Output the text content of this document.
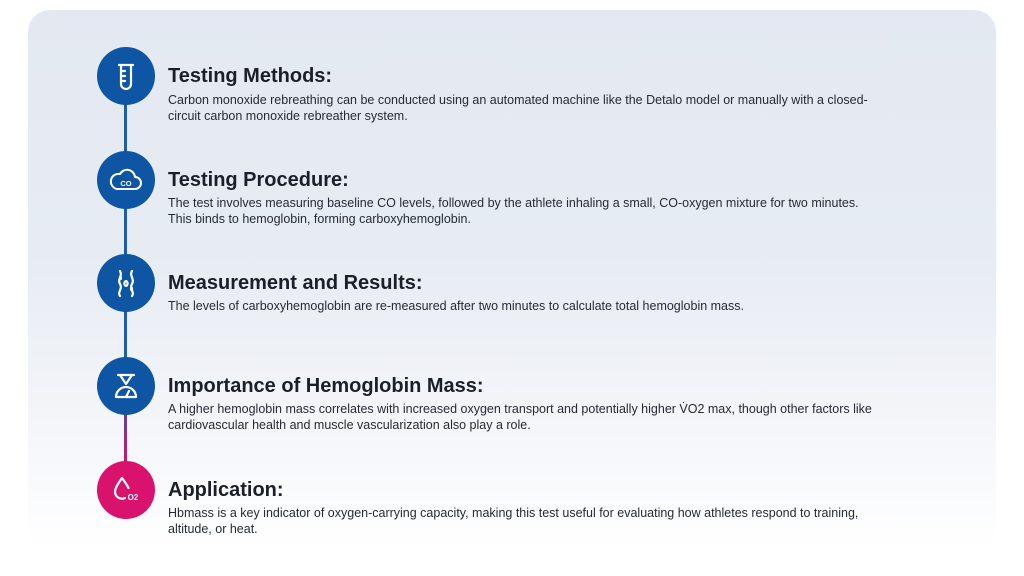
Testing Methods:

Carbon monoxide rebreathing can be conducted using an automated machine like the Detalo model or manually with a closed-circuit carbon monoxide rebreather system.

CO Testing Procedure:

The test involves measuring baseline CO levels, followed by the athlete inhaling a small, CO-oxygen mixture for two minutes. This binds to hemoglobin, forming carboxyhemoglobin.

Measurement and Results:

The levels of carboxyhemoglobin are re-measured after two minutes to calculate total hemoglobin mass.

Importance of Hemoglobin Mass:

A higher hemoglobin mass correlates with increased oxygen transport and potentially higher V̇O2 max, though other factors like cardiovascular health and muscle vascularization also play a role.

O2 Application:

Hbmass is a key indicator of oxygen-carrying capacity, making this test useful for evaluating how athletes respond to training, altitude, or heat.
